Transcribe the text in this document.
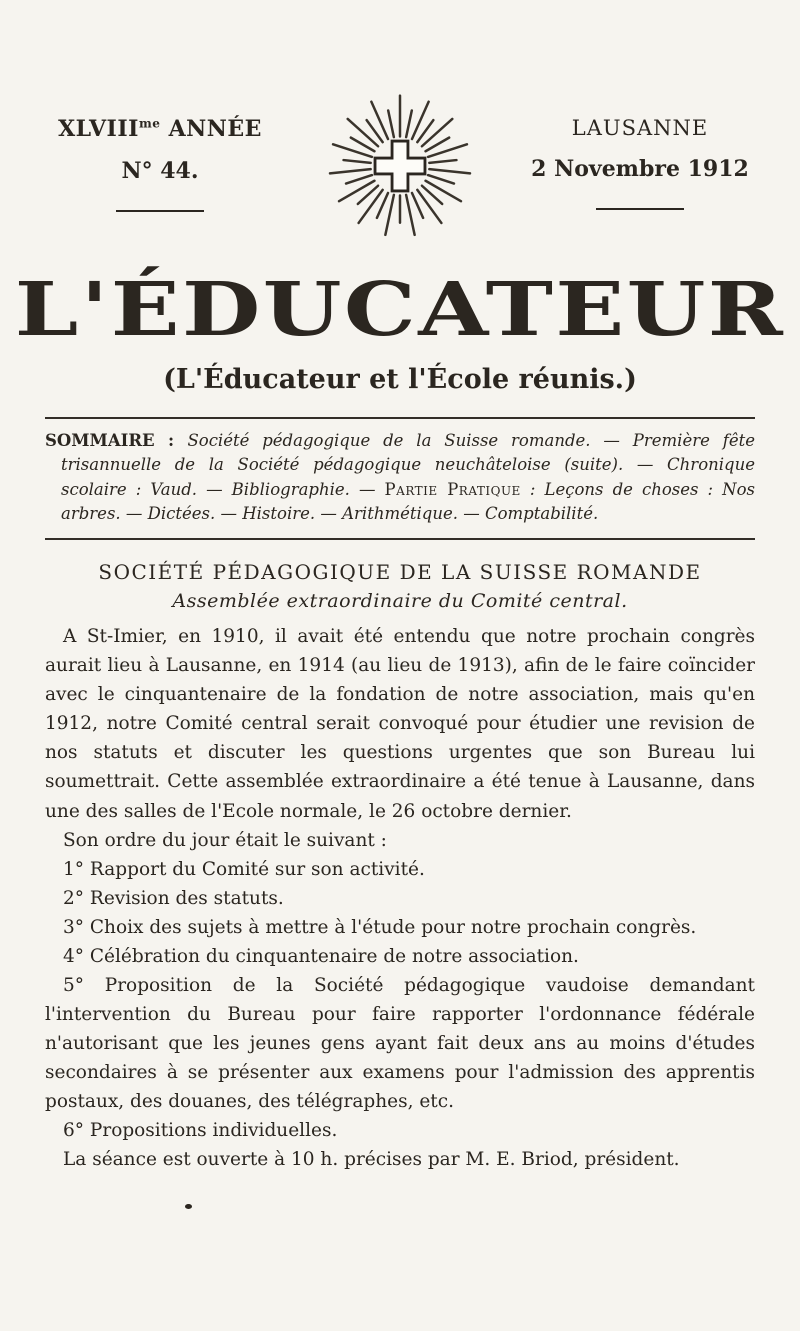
$XLVIII^{me}$ ANNÉE
N° 44.
LAUSANNE
2 Novembre 1912
L'ÉDUCATEUR
(L'Éducateur et l'École réunis.)

SOMMAIRE : Société pédagogique de la Suisse romande. — Première fête trisannuelle de la Société pédagogique neuchâteloise (suite). — Chronique scolaire : Vaud. — Bibliographie. — Partie Pratique : Leçons de choses : Nos arbres. — Dictées. — Histoire. — Arithmétique. — Comptabilité.

SOCIÉTÉ PÉDAGOGIQUE DE LA SUISSE ROMANDE
Assemblée extraordinaire du Comité central.

A St-Imier, en 1910, il avait été entendu que notre prochain congrès aurait lieu à Lausanne, en 1914 (au lieu de 1913), afin de le faire coïncider avec le cinquantenaire de la fondation de notre association, mais qu'en 1912, notre Comité central serait convoqué pour étudier une revision de nos statuts et discuter les questions urgentes que son Bureau lui soumettrait. Cette assemblée extraordinaire a été tenue à Lausanne, dans une des salles de l'Ecole normale, le 26 octobre dernier.

Son ordre du jour était le suivant :

1° Rapport du Comité sur son activité.

2° Revision des statuts.

3° Choix des sujets à mettre à l'étude pour notre prochain congrès.

4° Célébration du cinquantenaire de notre association.

5° Proposition de la Société pédagogique vaudoise demandant l'intervention du Bureau pour faire rapporter l'ordonnance fédérale n'autorisant que les jeunes gens ayant fait deux ans au moins d'études secondaires à se présenter aux examens pour l'admission des apprentis postaux, des douanes, des télégraphes, etc.

6° Propositions individuelles.

La séance est ouverte à 10 h. précises par M. E. Briod, président.
